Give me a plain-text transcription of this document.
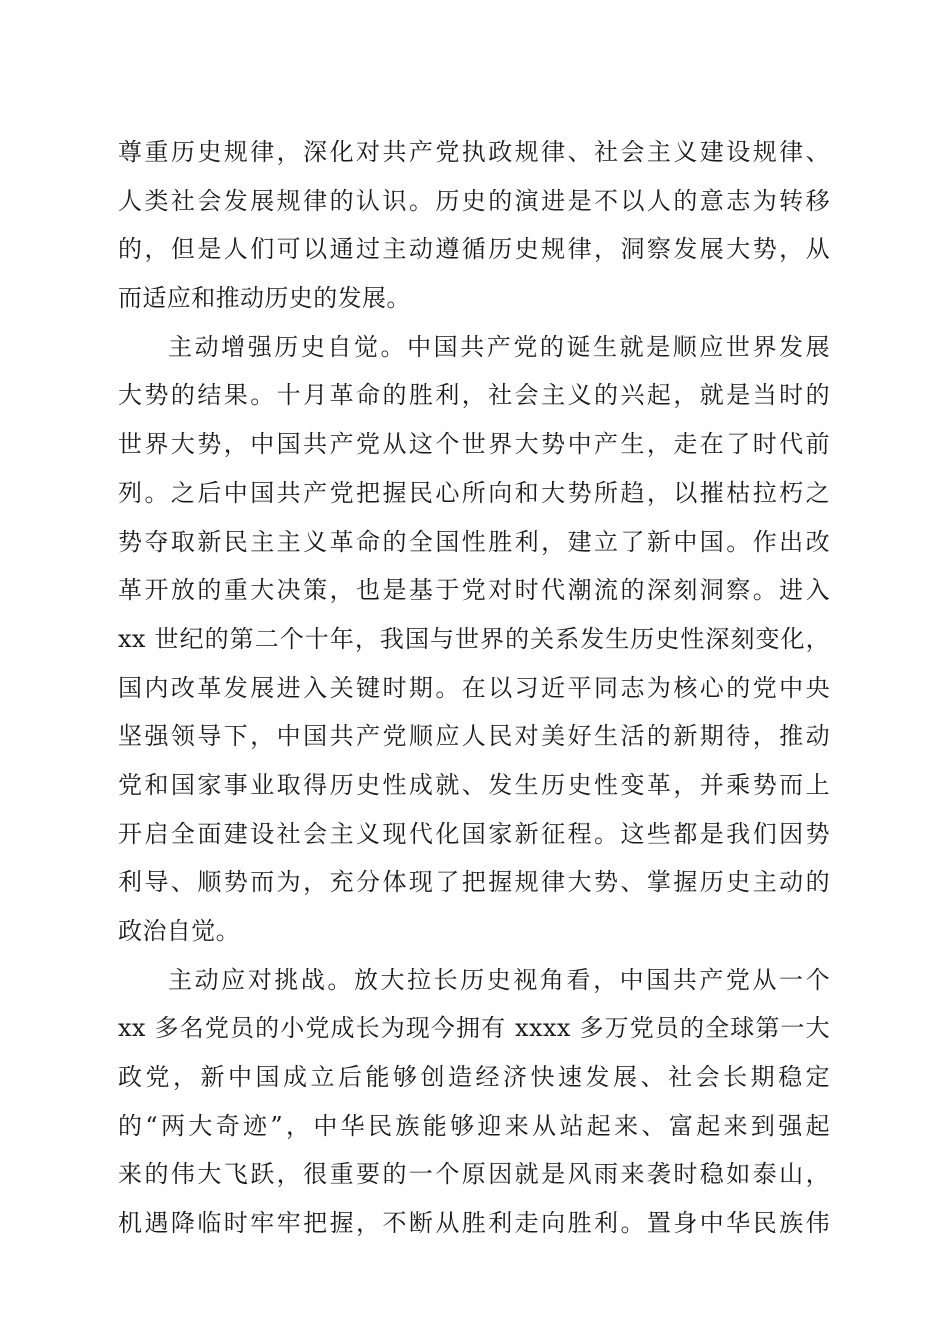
尊重历史规律，深化对共产党执政规律、社会主义建设规律、
人类社会发展规律的认识。历史的演进是不以人的意志为转移
的，但是人们可以通过主动遵循历史规律，洞察发展大势，从
而适应和推动历史的发展。
主动增强历史自觉。中国共产党的诞生就是顺应世界发展
大势的结果。十月革命的胜利，社会主义的兴起，就是当时的
世界大势，中国共产党从这个世界大势中产生，走在了时代前
列。之后中国共产党把握民心所向和大势所趋，以摧枯拉朽之
势夺取新民主主义革命的全国性胜利，建立了新中国。作出改
革开放的重大决策，也是基于党对时代潮流的深刻洞察。进入
xx 世纪的第二个十年，我国与世界的关系发生历史性深刻变化，
国内改革发展进入关键时期。在以习近平同志为核心的党中央
坚强领导下，中国共产党顺应人民对美好生活的新期待，推动
党和国家事业取得历史性成就、发生历史性变革，并乘势而上
开启全面建设社会主义现代化国家新征程。这些都是我们因势
利导、顺势而为，充分体现了把握规律大势、掌握历史主动的
政治自觉。
主动应对挑战。放大拉长历史视角看，中国共产党从一个
xx 多名党员的小党成长为现今拥有 xxxx 多万党员的全球第一大
政党，新中国成立后能够创造经济快速发展、社会长期稳定
的“两大奇迹”，中华民族能够迎来从站起来、富起来到强起
来的伟大飞跃，很重要的一个原因就是风雨来袭时稳如泰山，
机遇降临时牢牢把握，不断从胜利走向胜利。置身中华民族伟
